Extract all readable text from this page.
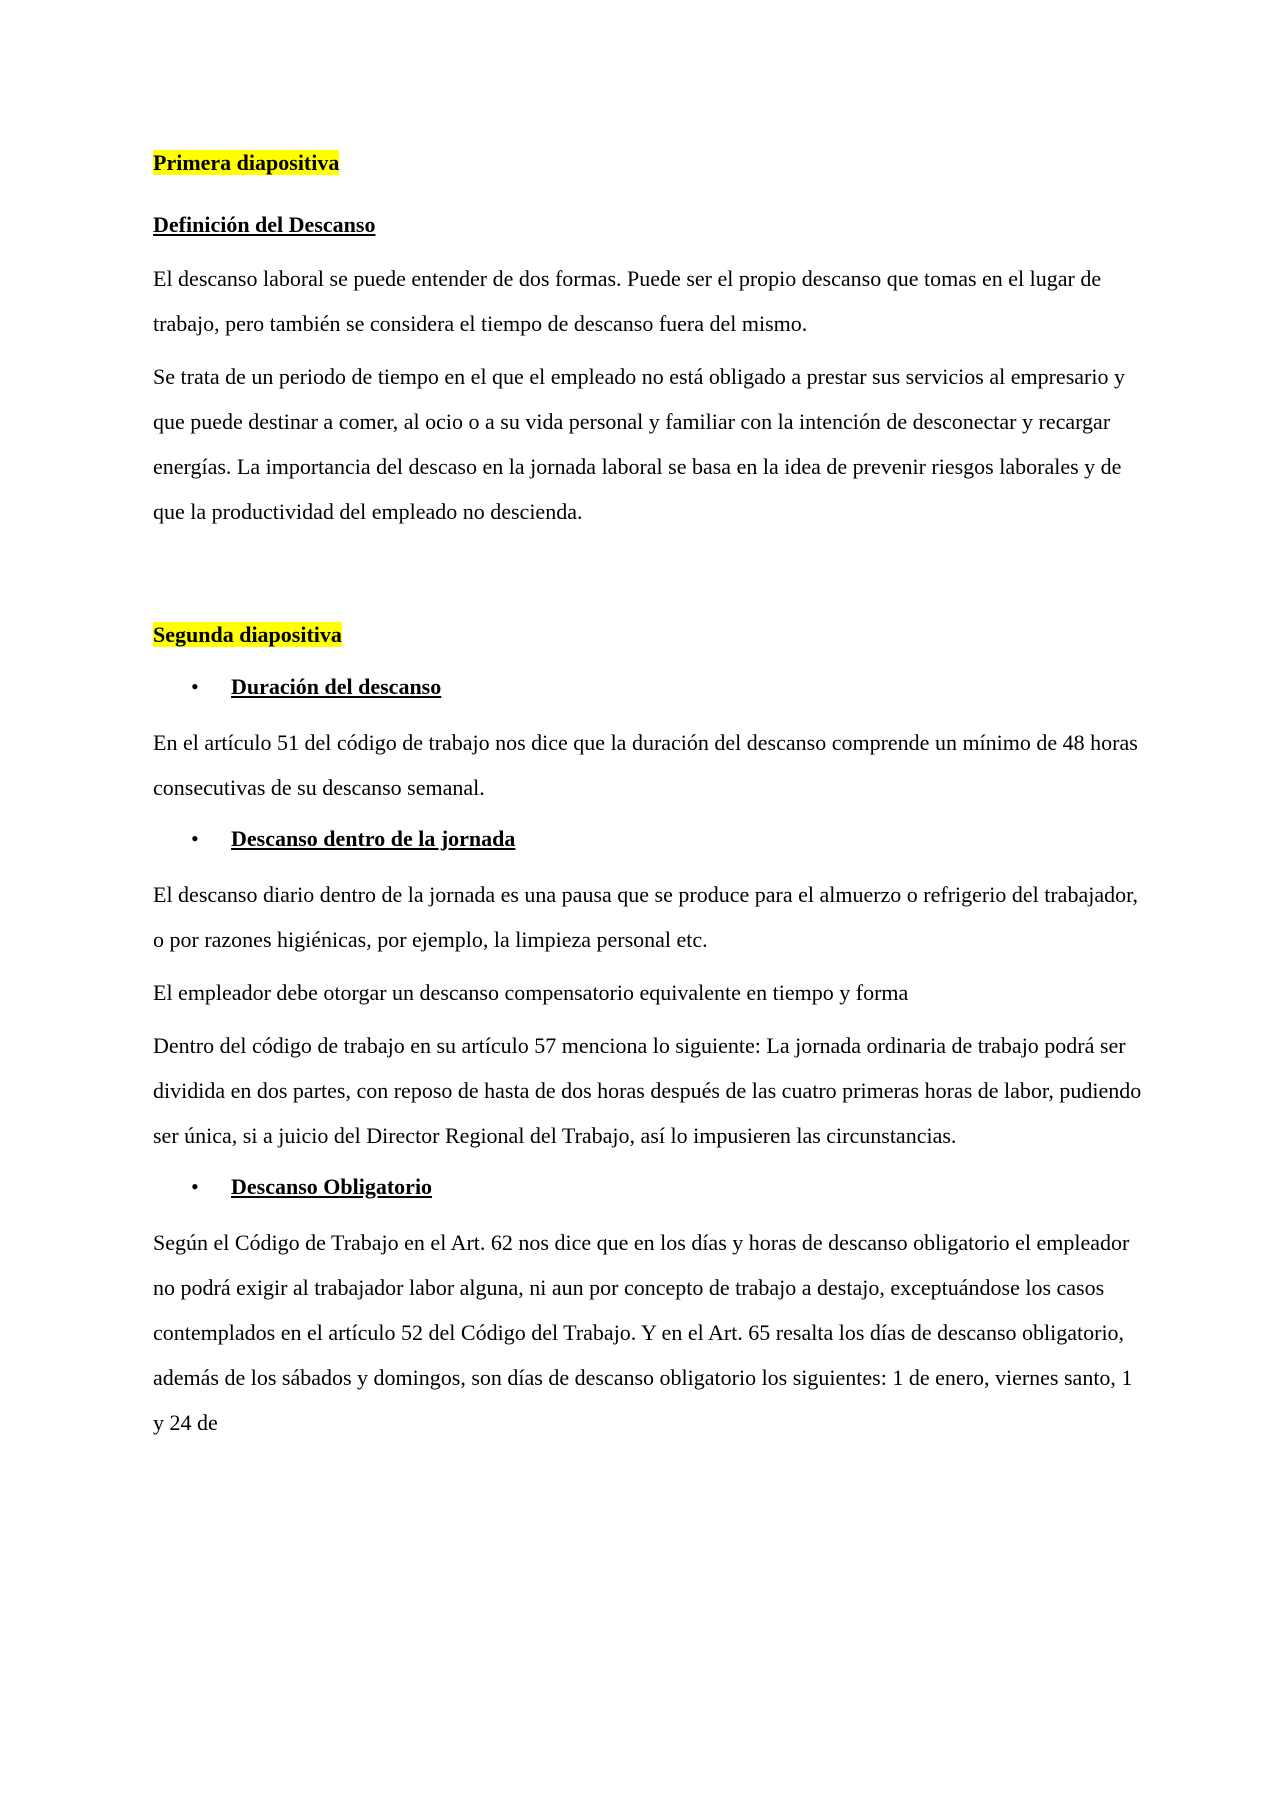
Primera diapositiva
Definición del Descanso

El descanso laboral se puede entender de dos formas. Puede ser el propio descanso que tomas en el lugar de trabajo, pero también se considera el tiempo de descanso fuera del mismo.

Se trata de un periodo de tiempo en el que el empleado no está obligado a prestar sus servicios al empresario y que puede destinar a comer, al ocio o a su vida personal y familiar con la intención de desconectar y recargar energías. La importancia del descaso en la jornada laboral se basa en la idea de prevenir riesgos laborales y de que la productividad del empleado no descienda.

Segunda diapositiva
•	Duración del descanso

En el artículo 51 del código de trabajo nos dice que la duración del descanso comprende un mínimo de 48 horas consecutivas de su descanso semanal.

•	Descanso dentro de la jornada

El descanso diario dentro de la jornada es una pausa que se produce para el almuerzo o refrigerio del trabajador, o por razones higiénicas, por ejemplo, la limpieza personal etc.

El empleador debe otorgar un descanso compensatorio equivalente en tiempo y forma

Dentro del código de trabajo en su artículo 57 menciona lo siguiente: La jornada ordinaria de trabajo podrá ser dividida en dos partes, con reposo de hasta de dos horas después de las cuatro primeras horas de labor, pudiendo ser única, si a juicio del Director Regional del Trabajo, así lo impusieren las circunstancias.

•	Descanso Obligatorio

Según el Código de Trabajo en el Art. 62 nos dice que en los días y horas de descanso obligatorio el empleador no podrá exigir al trabajador labor alguna, ni aun por concepto de trabajo a destajo, exceptuándose los casos contemplados en el artículo 52 del Código del Trabajo. Y en el Art. 65 resalta los días de descanso obligatorio, además de los sábados y domingos, son días de descanso obligatorio los siguientes: 1 de enero, viernes santo, 1 y 24 de
